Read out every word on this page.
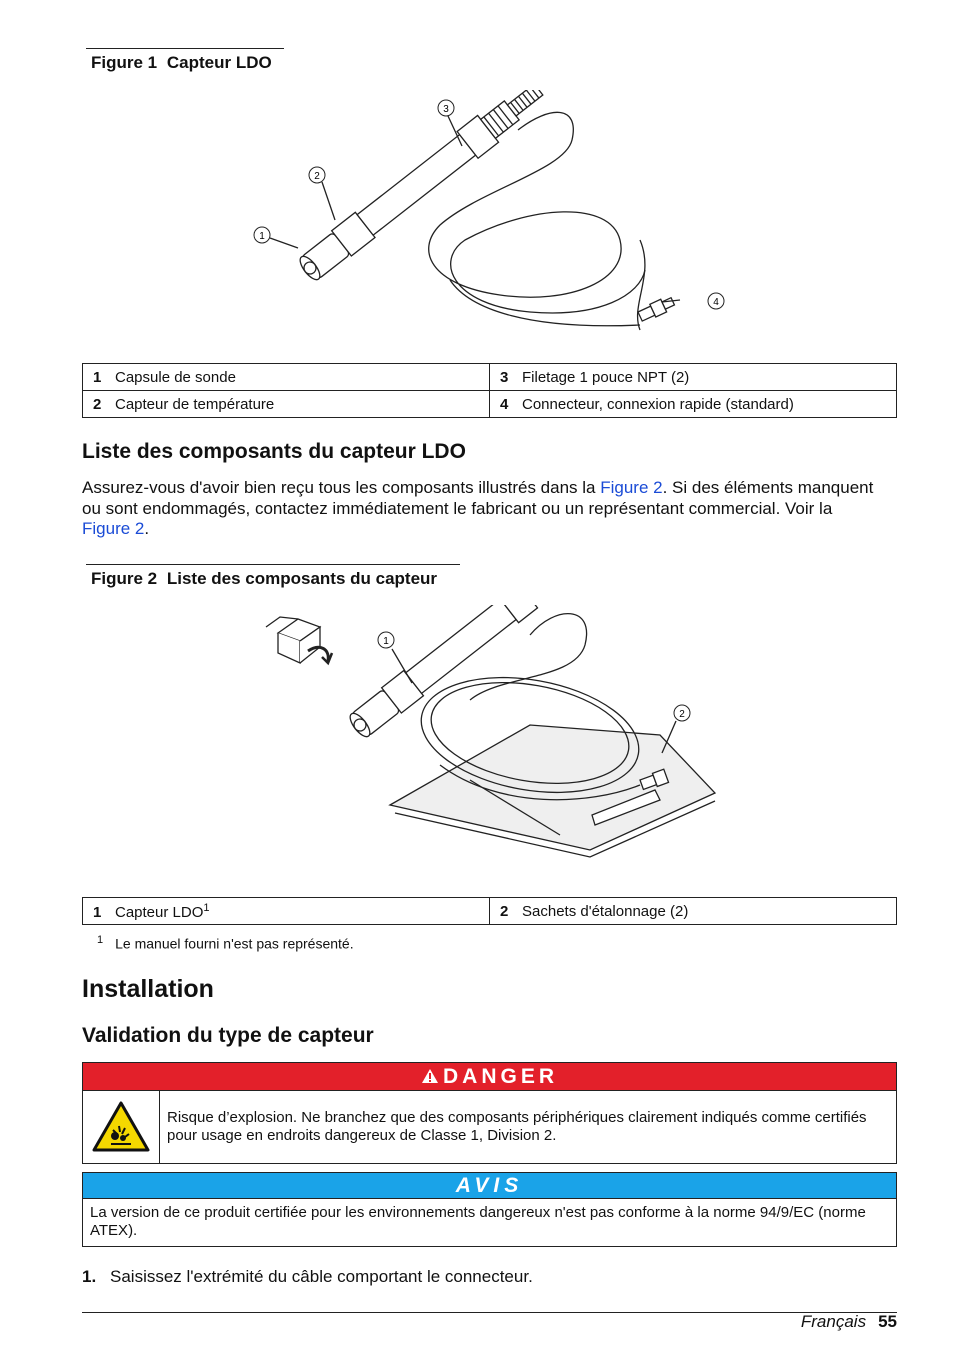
Figure 1 Capteur LDO
1
2
3
4
1 Capsule de sonde	3 Filetage 1 pouce NPT (2)
2 Capteur de température	4 Connecteur, connexion rapide (standard)
Liste des composants du capteur LDO

Assurez-vous d'avoir bien reçu tous les composants illustrés dans la Figure 2. Si des éléments manquent ou sont endommagés, contactez immédiatement le fabricant ou un représentant commercial. Voir la Figure 2.

Figure 2 Liste des composants du capteur
1
2
1 Capteur LDO$^1$	2 Sachets d'étalonnage (2)
$^1$ Le manuel fourni n'est pas représenté.
Installation
Validation du type de capteur
DANGER
Risque d’explosion. Ne branchez que des composants périphériques clairement indiqués comme certifiés pour usage en endroits dangereux de Classe 1, Division 2.
AVIS
La version de ce produit certifiée pour les environnements dangereux n'est pas conforme à la norme 94/9/EC (norme ATEX).
1. Saisissez l'extrémité du câble comportant le connecteur.
Français 55
